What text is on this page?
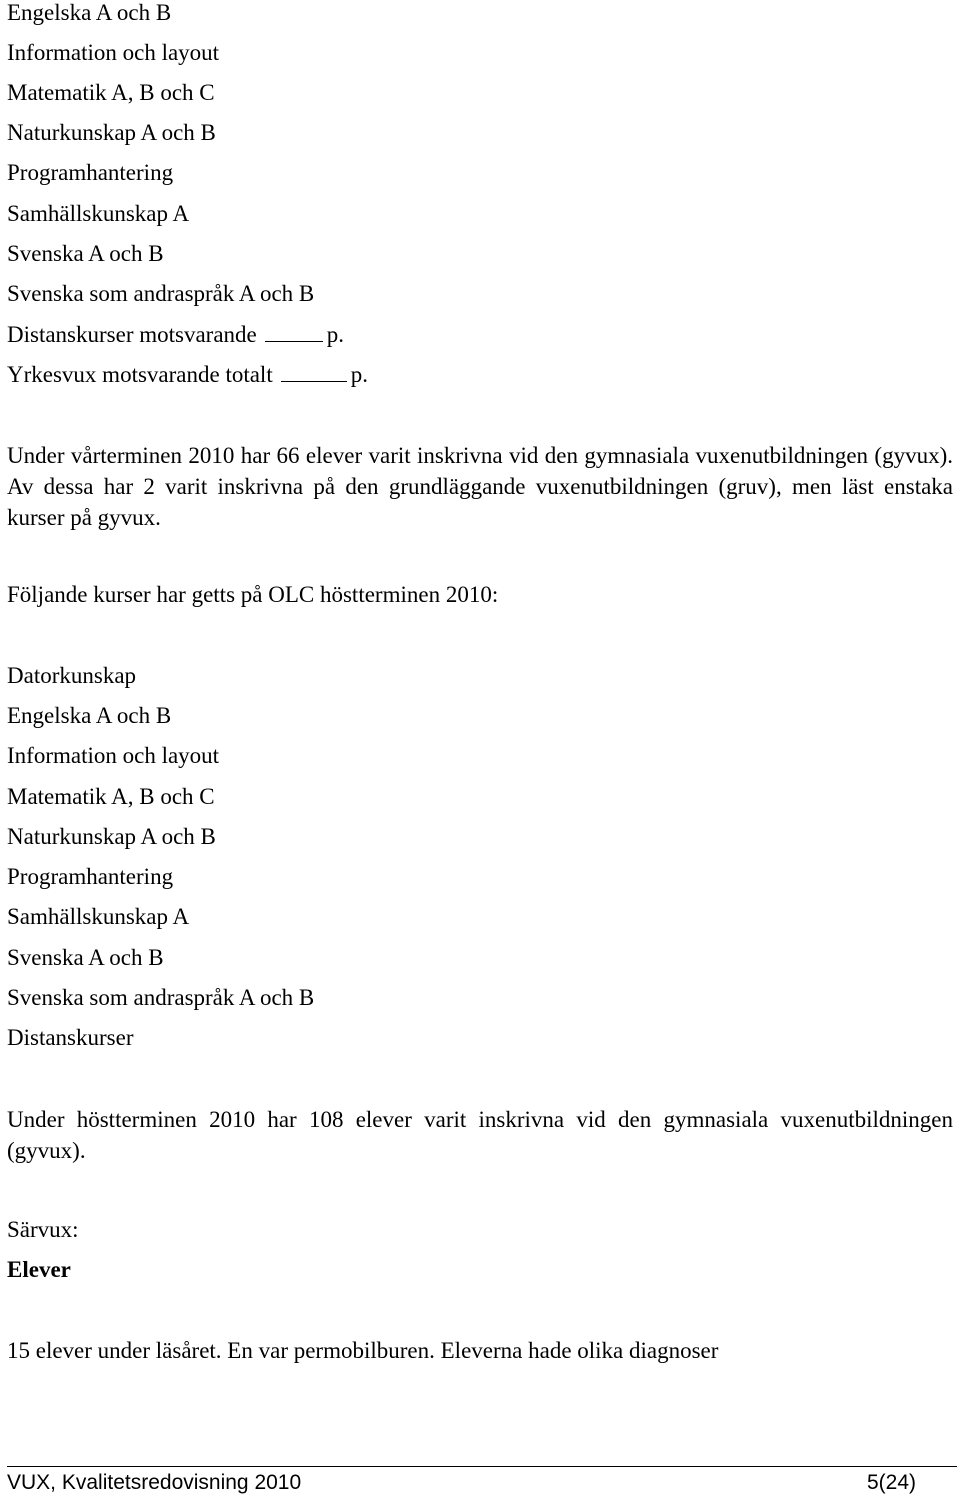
Engelska A och B
Information och layout
Matematik A, B och C
Naturkunskap A och B
Programhantering
Samhällskunskap A
Svenska A och B
Svenska som andraspråk A och B
Distanskurser motsvarande	p.
Yrkesvux motsvarande totalt	p.
Under vårterminen 2010 har 66 elever varit inskrivna vid den gymnasiala vuxenutbildningen (gyvux). Av dessa har 2 varit inskrivna på den grundläggande vuxenutbildningen (gruv), men läst enstaka kurser på gyvux.
Följande kurser har getts på OLC höstterminen 2010:
Datorkunskap
Engelska A och B
Information och layout
Matematik A, B och C
Naturkunskap A och B
Programhantering
Samhällskunskap A
Svenska A och B
Svenska som andraspråk A och B
Distanskurser
Under höstterminen 2010 har 108 elever varit inskrivna vid den gymnasiala vuxenutbildningen (gyvux).
Särvux:
Elever
15 elever under läsåret. En var permobilburen. Eleverna hade olika diagnoser
VUX, Kvalitetsredovisning 2010	5(24)
